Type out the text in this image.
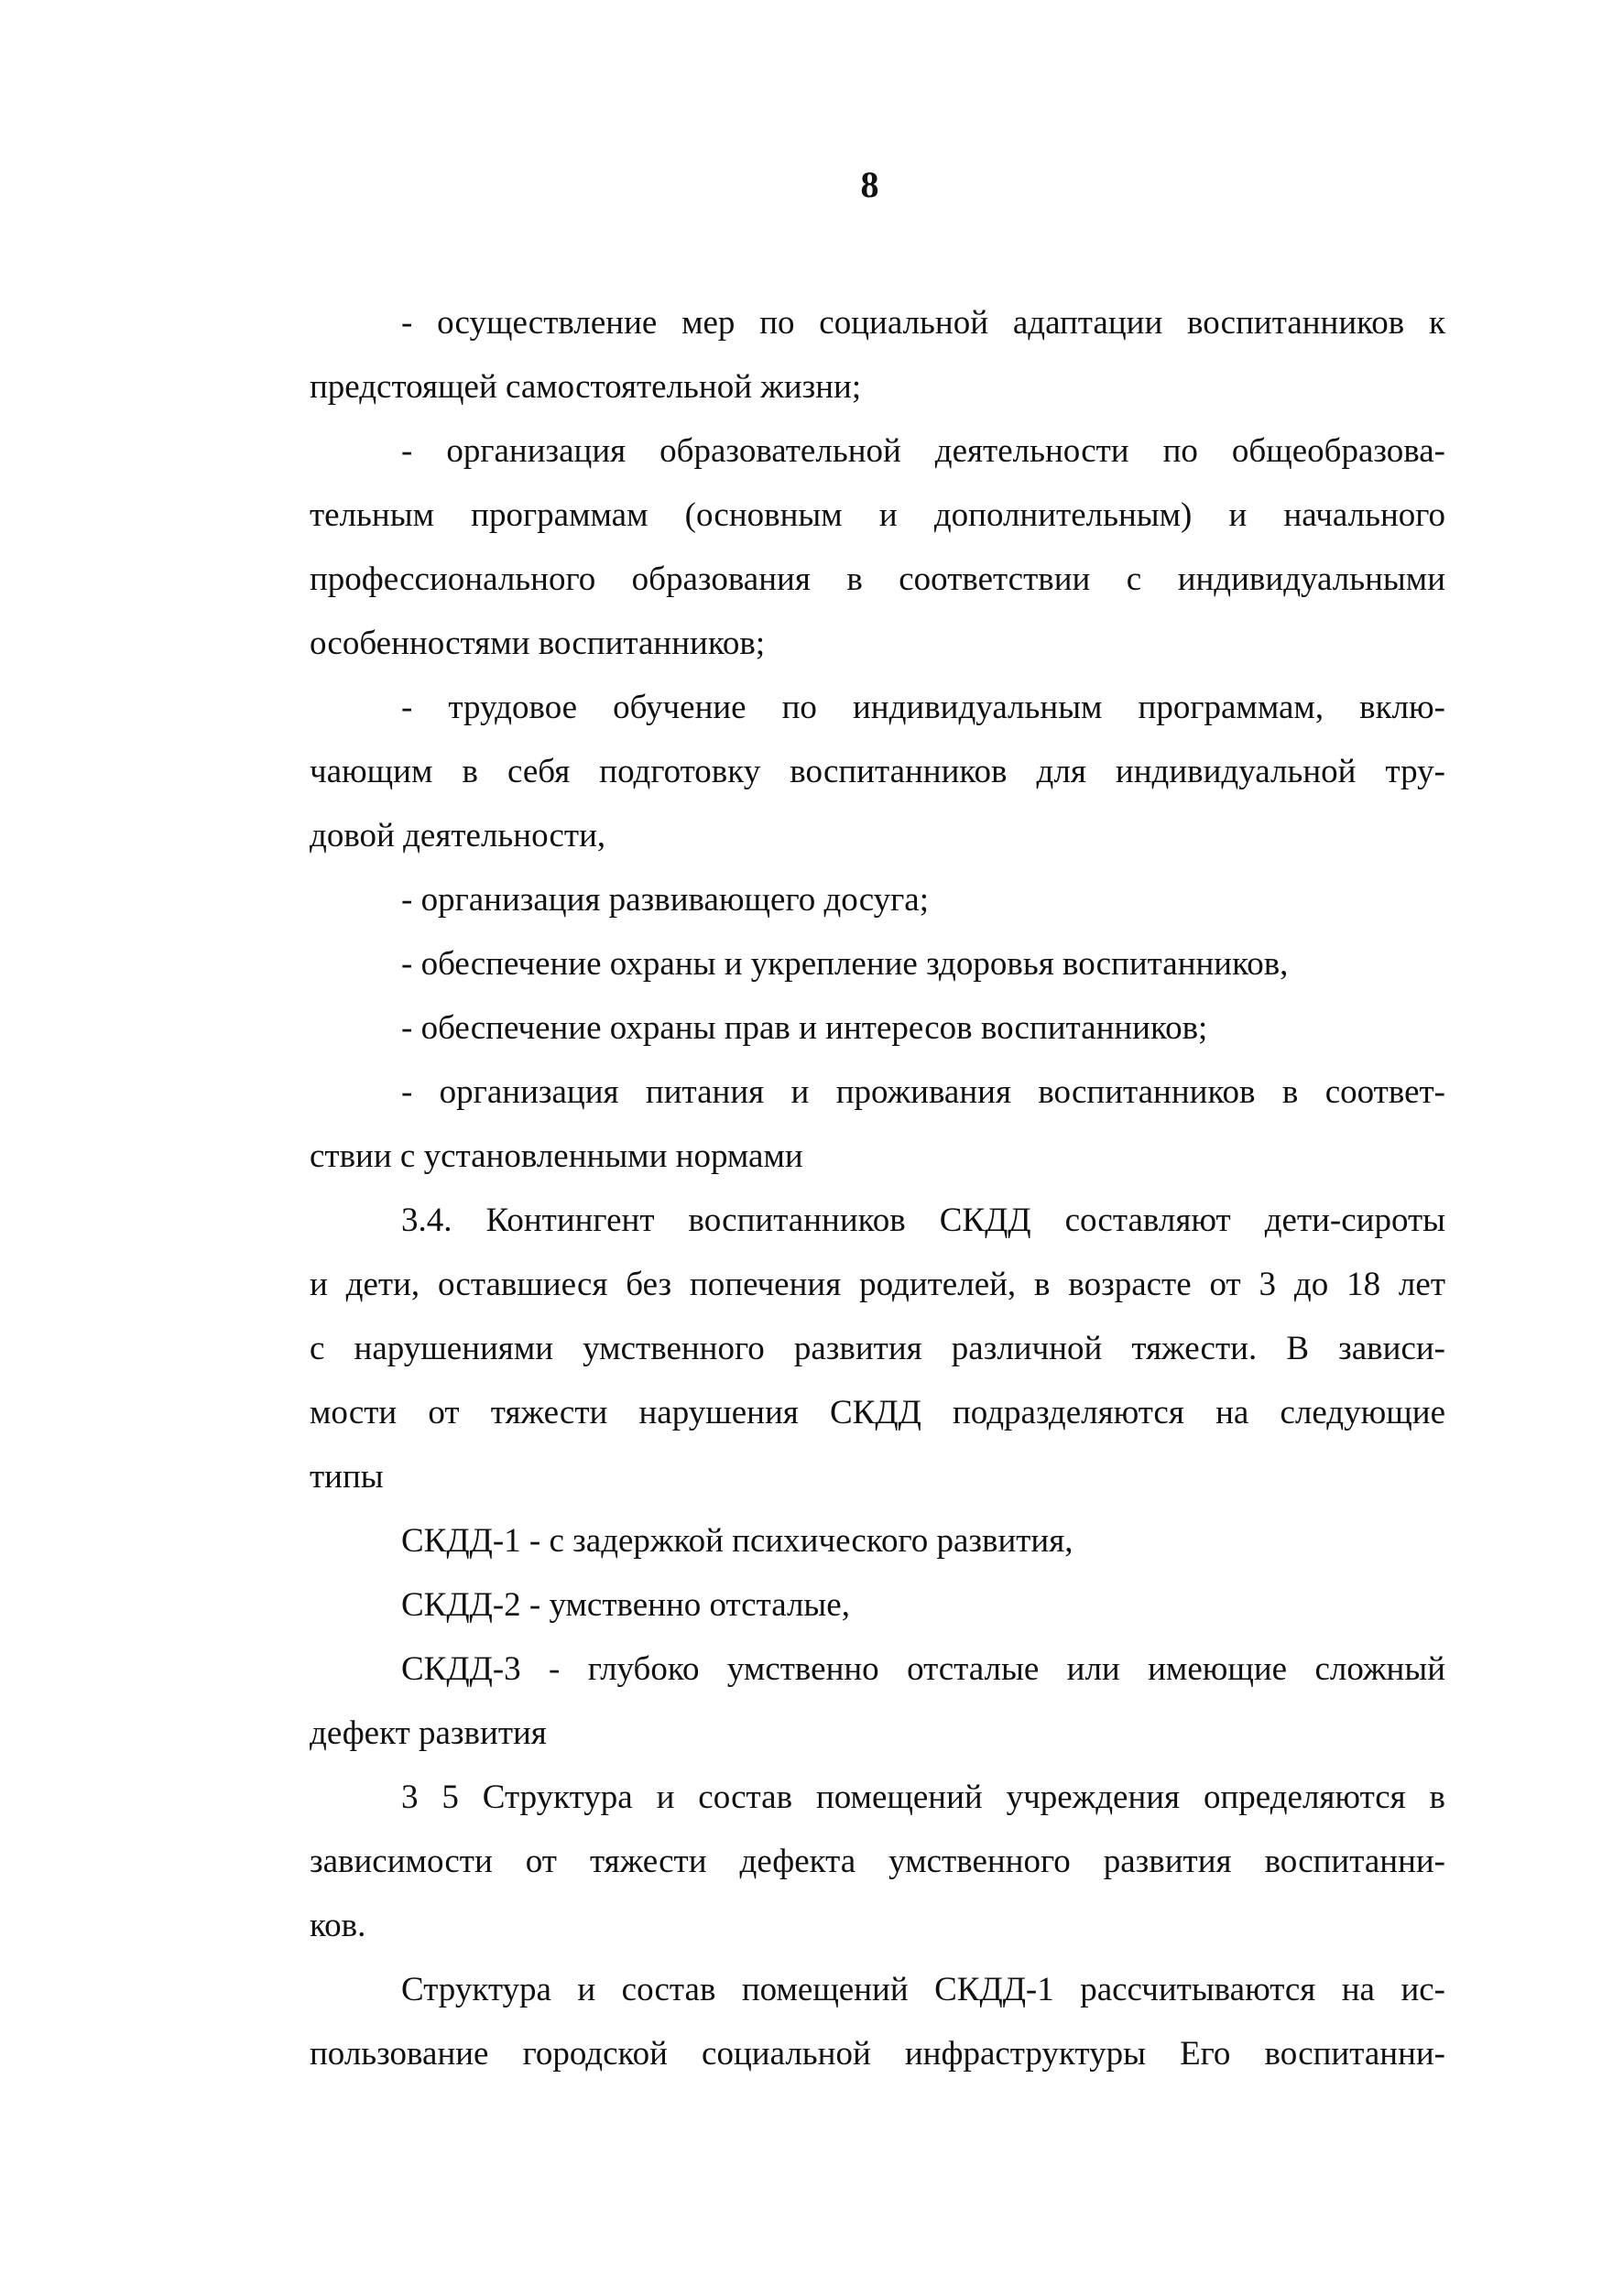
8
- осуществление мер по социальной адаптации воспитанников к
предстоящей самостоятельной жизни;
- организация образовательной деятельности по общеобразова-
тельным программам (основным и дополнительным) и начального
профессионального образования в соответствии с индивидуальными
особенностями воспитанников;
- трудовое обучение по индивидуальным программам, вклю-
чающим в себя подготовку воспитанников для индивидуальной тру-
довой деятельности,
- организация развивающего досуга;
- обеспечение охраны и укрепление здоровья воспитанников,
- обеспечение охраны прав и интересов воспитанников;
- организация питания и проживания воспитанников в соответ-
ствии с установленными нормами
3.4. Контингент воспитанников СКДД составляют дети-сироты
и дети, оставшиеся без попечения родителей, в возрасте от 3 до 18 лет
с нарушениями умственного развития различной тяжести. В зависи-
мости от тяжести нарушения СКДД подразделяются на следующие
типы
СКДД-1 - с задержкой психического развития,
СКДД-2 - умственно отсталые,
СКДД-3 - глубоко умственно отсталые или имеющие сложный
дефект развития
3 5 Структура и состав помещений учреждения определяются в
зависимости от тяжести дефекта умственного развития воспитанни-
ков.
Структура и состав помещений СКДД-1 рассчитываются на ис-
пользование городской социальной инфраструктуры Его воспитанни-
